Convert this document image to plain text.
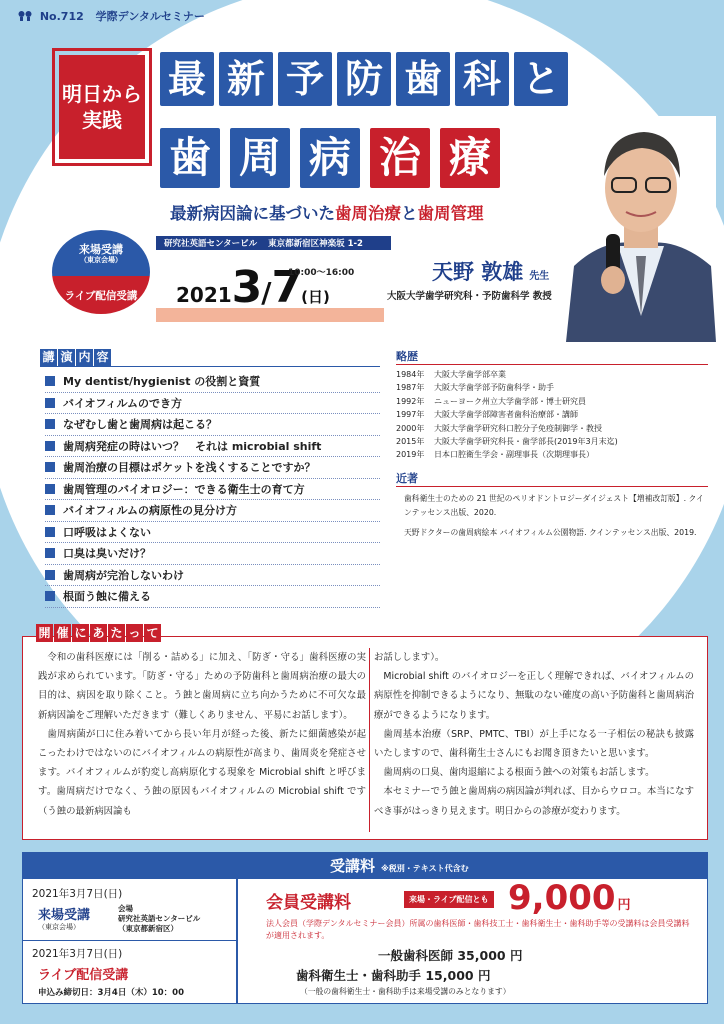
No.712 学際デンタルセミナー
明日から
実践
最 新 予 防 歯 科 と
歯 周 病 治 療
最新病因論に基づいた歯周治療と歯周管理
研究社英語センタービル 東京都新宿区神楽坂 1-2
来場受講
（東京会場）
ライブ配信受講	20213/7(日)
10:00～16:00	天野 敦雄 先生
大阪大学歯学研究科・予防歯科学 教授
講 演 内 容
My dentist/hygienist の役割と資質
バイオフィルムのでき方
なぜむし歯と歯周病は起こる？
歯周病発症の時はいつ？　それは microbial shift
歯周治療の目標はポケットを浅くすることですか？
歯周管理のバイオロジー：できる衛生士の育て方
バイオフィルムの病原性の見分け方
口呼吸はよくない
口臭は臭いだけ？
歯周病が完治しないわけ
根面う蝕に備える
略歴
1984年	大阪大学歯学部卒業
1987年	大阪大学歯学部予防歯科学・助手
1992年	ニューヨーク州立大学歯学部・博士研究員
1997年	大阪大学歯学部障害者歯科治療部・講師
2000年	大阪大学歯学研究科口腔分子免疫制御学・教授
2015年	大阪大学歯学研究科長・歯学部長(2019年3月末迄)
2019年	日本口腔衛生学会・副理事長（次期理事長）
近著

歯科衛生士のための 21 世紀のペリオドントロジーダイジェスト【増補改訂版】. クインテッセンス出版、2020.

天野ドクターの歯周病絵本 バイオフィルム公園物語. クインテッセンス出版、2019.

開 催 に あ た っ て

令和の歯科医療には「削る・詰める」に加え、「防ぎ・守る」歯科医療の実践が求められています。「防ぎ・守る」ための予防歯科と歯周病治療の最大の目的は、病因を取り除くこと。う蝕と歯周病に立ち向かうために不可欠な最新病因論をご理解いただきます（難しくありません、平易にお話します）。

歯周病菌が口に住み着いてから長い年月が経った後、新たに細菌感染が起こったわけではないのにバイオフィルムの病原性が高まり、歯周炎を発症させます。バイオフィルムが豹変し高病原化する現象を Microbial shift と呼びます。歯周病だけでなく、う蝕の原因もバイオフィルムの Microbial shift です（う蝕の最新病因論も

お話しします）。

Microbial shift のバイオロジーを正しく理解できれば、バイオフィルムの病原性を抑制できるようになり、無駄のない確度の高い予防歯科と歯周病治療ができるようになります。

歯周基本治療（SRP、PMTC、TBI）が上手になる一子相伝の秘訣も披露いたしますので、歯科衛生士さんにもお聞き頂きたいと思います。

歯周病の口臭、歯肉退縮による根面う蝕への対策もお話します。

本セミナーでう蝕と歯周病の病因論が判れば、目からウロコ。本当になすべき事がはっきり見えます。明日からの診療が変わります。

受講料 ※税別・テキスト代含む
2021年3月7日(日)
来場受講
（東京会場）
会場
研究社英語センタービル
（東京都新宿区）
2021年3月7日(日)
ライブ配信受講
申込み締切日：3月4日（木）10：00
会員受講料	来場・ライブ配信とも 9,000 円
法人会員（学際デンタルセミナー会員）所属の歯科医師・歯科技工士・歯科衛生士・歯科助手等の受講料は会員受講料が適用されます。
一般歯科医師 35,000 円
歯科衛生士・歯科助手 15,000 円
（一般の歯科衛生士・歯科助手は来場受講のみとなります）
